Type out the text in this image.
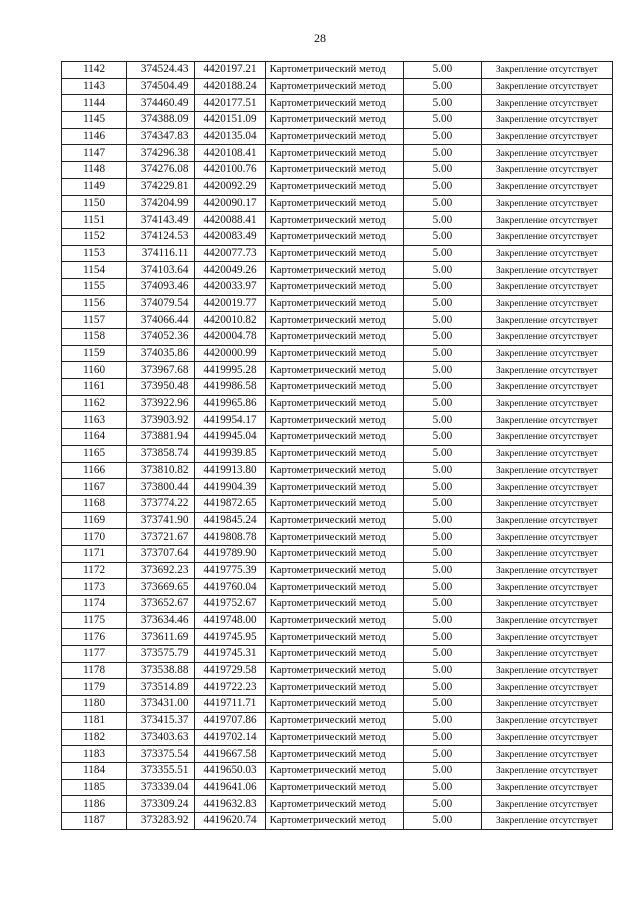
28
1142	374524.43	4420197.21	Картометрический метод	5.00	Закрепление отсутствует
1143	374504.49	4420188.24	Картометрический метод	5.00	Закрепление отсутствует
1144	374460.49	4420177.51	Картометрический метод	5.00	Закрепление отсутствует
1145	374388.09	4420151.09	Картометрический метод	5.00	Закрепление отсутствует
1146	374347.83	4420135.04	Картометрический метод	5.00	Закрепление отсутствует
1147	374296.38	4420108.41	Картометрический метод	5.00	Закрепление отсутствует
1148	374276.08	4420100.76	Картометрический метод	5.00	Закрепление отсутствует
1149	374229.81	4420092.29	Картометрический метод	5.00	Закрепление отсутствует
1150	374204.99	4420090.17	Картометрический метод	5.00	Закрепление отсутствует
1151	374143.49	4420088.41	Картометрический метод	5.00	Закрепление отсутствует
1152	374124.53	4420083.49	Картометрический метод	5.00	Закрепление отсутствует
1153	374116.11	4420077.73	Картометрический метод	5.00	Закрепление отсутствует
1154	374103.64	4420049.26	Картометрический метод	5.00	Закрепление отсутствует
1155	374093.46	4420033.97	Картометрический метод	5.00	Закрепление отсутствует
1156	374079.54	4420019.77	Картометрический метод	5.00	Закрепление отсутствует
1157	374066.44	4420010.82	Картометрический метод	5.00	Закрепление отсутствует
1158	374052.36	4420004.78	Картометрический метод	5.00	Закрепление отсутствует
1159	374035.86	4420000.99	Картометрический метод	5.00	Закрепление отсутствует
1160	373967.68	4419995.28	Картометрический метод	5.00	Закрепление отсутствует
1161	373950.48	4419986.58	Картометрический метод	5.00	Закрепление отсутствует
1162	373922.96	4419965.86	Картометрический метод	5.00	Закрепление отсутствует
1163	373903.92	4419954.17	Картометрический метод	5.00	Закрепление отсутствует
1164	373881.94	4419945.04	Картометрический метод	5.00	Закрепление отсутствует
1165	373858.74	4419939.85	Картометрический метод	5.00	Закрепление отсутствует
1166	373810.82	4419913.80	Картометрический метод	5.00	Закрепление отсутствует
1167	373800.44	4419904.39	Картометрический метод	5.00	Закрепление отсутствует
1168	373774.22	4419872.65	Картометрический метод	5.00	Закрепление отсутствует
1169	373741.90	4419845.24	Картометрический метод	5.00	Закрепление отсутствует
1170	373721.67	4419808.78	Картометрический метод	5.00	Закрепление отсутствует
1171	373707.64	4419789.90	Картометрический метод	5.00	Закрепление отсутствует
1172	373692.23	4419775.39	Картометрический метод	5.00	Закрепление отсутствует
1173	373669.65	4419760.04	Картометрический метод	5.00	Закрепление отсутствует
1174	373652.67	4419752.67	Картометрический метод	5.00	Закрепление отсутствует
1175	373634.46	4419748.00	Картометрический метод	5.00	Закрепление отсутствует
1176	373611.69	4419745.95	Картометрический метод	5.00	Закрепление отсутствует
1177	373575.79	4419745.31	Картометрический метод	5.00	Закрепление отсутствует
1178	373538.88	4419729.58	Картометрический метод	5.00	Закрепление отсутствует
1179	373514.89	4419722.23	Картометрический метод	5.00	Закрепление отсутствует
1180	373431.00	4419711.71	Картометрический метод	5.00	Закрепление отсутствует
1181	373415.37	4419707.86	Картометрический метод	5.00	Закрепление отсутствует
1182	373403.63	4419702.14	Картометрический метод	5.00	Закрепление отсутствует
1183	373375.54	4419667.58	Картометрический метод	5.00	Закрепление отсутствует
1184	373355.51	4419650.03	Картометрический метод	5.00	Закрепление отсутствует
1185	373339.04	4419641.06	Картометрический метод	5.00	Закрепление отсутствует
1186	373309.24	4419632.83	Картометрический метод	5.00	Закрепление отсутствует
1187	373283.92	4419620.74	Картометрический метод	5.00	Закрепление отсутствует
